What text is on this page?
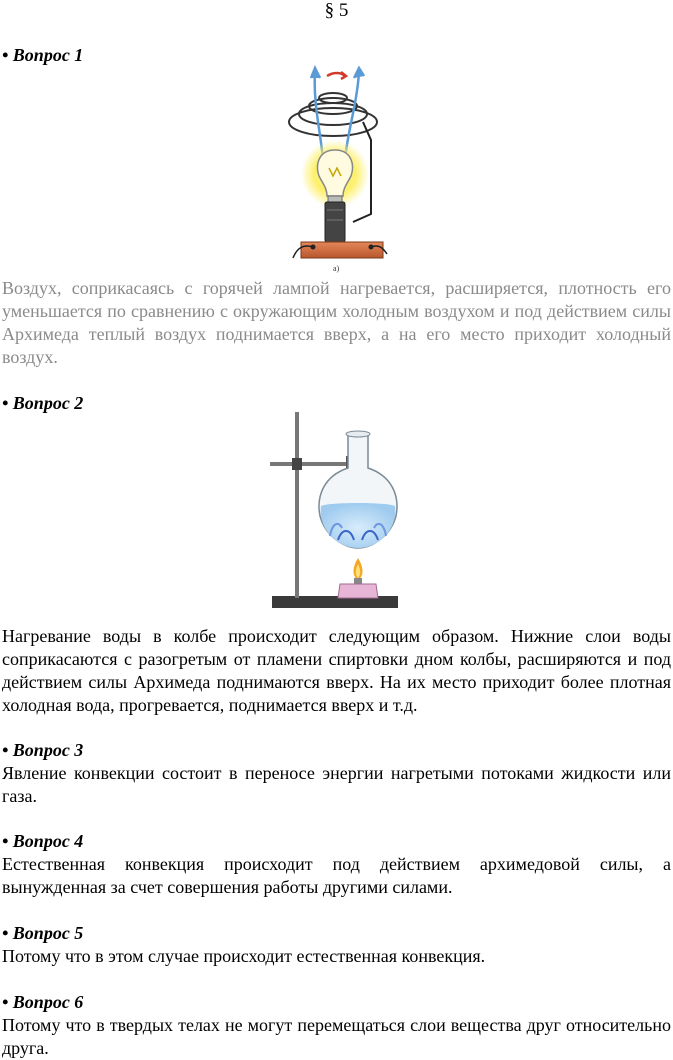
§ 5
• Вопрос 1
а)
Воздух, соприкасаясь с горячей лампой нагревается, расширяется, плотность его уменьшается по сравнению с окружающим холодным воздухом и под действием силы Архимеда теплый воздух поднимается вверх, а на его место приходит холодный воздух.
• Вопрос 2
Нагревание воды в колбе происходит следующим образом. Нижние слои воды соприкасаются с разогретым от пламени спиртовки дном колбы, расширяются и под действием силы Архимеда поднимаются вверх. На их место приходит более плотная холодная вода, прогревается, поднимается вверх и т.д.
• Вопрос 3
Явление конвекции состоит в переносе энергии нагретыми потоками жидкости или газа.
• Вопрос 4
Естественная конвекция происходит под действием архимедовой силы, а вынужденная за счет совершения работы другими силами.
• Вопрос 5
Потому что в этом случае происходит естественная конвекция.
• Вопрос 6
Потому что в твердых телах не могут перемещаться слои вещества друг относительно друга.
